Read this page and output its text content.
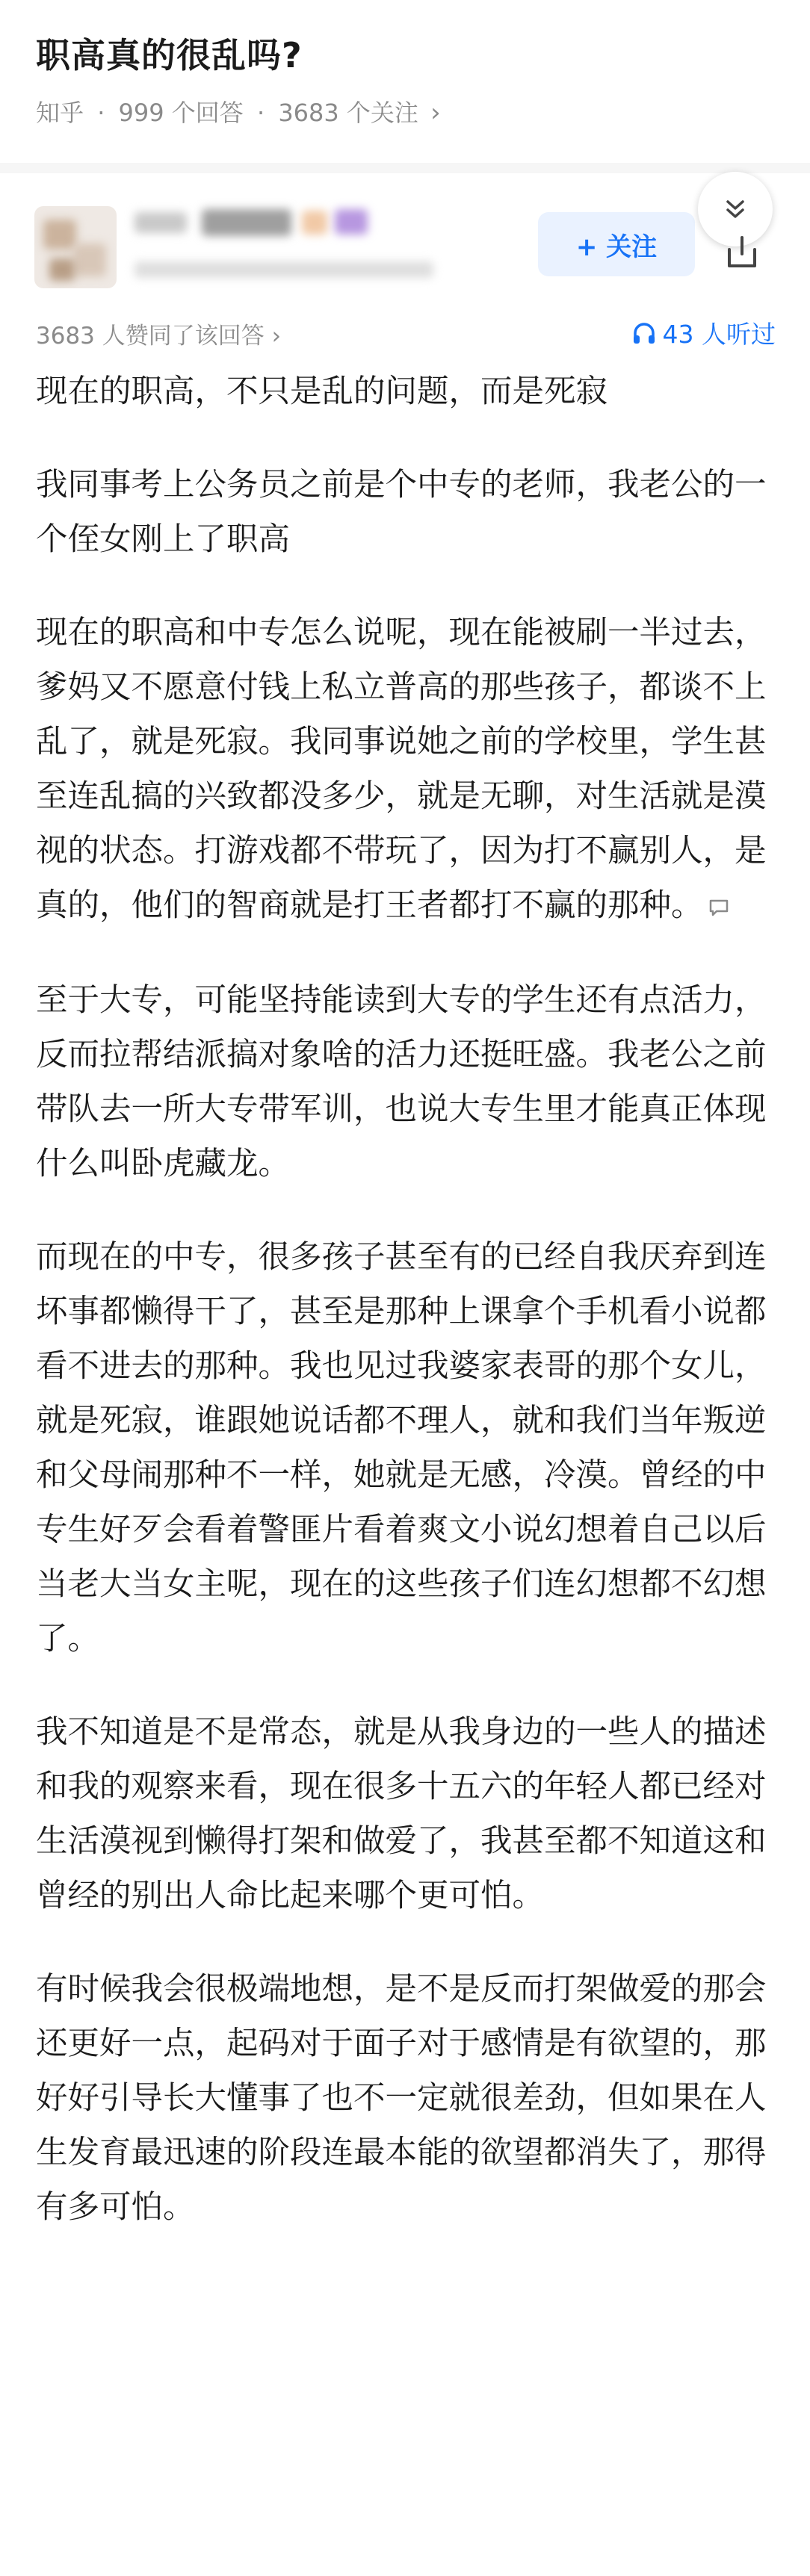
职高真的很乱吗?
知乎 · 999 个回答 · 3683 个关注 ›
+ 关注
3683 人赞同了该回答 ›	43 人听过

现在的职高，不只是乱的问题，而是死寂

我同事考上公务员之前是个中专的老师，我老公的一个侄女刚上了职高

现在的职高和中专怎么说呢，现在能被刷一半过去，爹妈又不愿意付钱上私立普高的那些孩子，都谈不上乱了，就是死寂。我同事说她之前的学校里，学生甚至连乱搞的兴致都没多少，就是无聊，对生活就是漠视的状态。打游戏都不带玩了，因为打不赢别人，是真的，他们的智商就是打王者都打不赢的那种。

至于大专，可能坚持能读到大专的学生还有点活力，反而拉帮结派搞对象啥的活力还挺旺盛。我老公之前带队去一所大专带军训，也说大专生里才能真正体现什么叫卧虎藏龙。

而现在的中专，很多孩子甚至有的已经自我厌弃到连坏事都懒得干了，甚至是那种上课拿个手机看小说都看不进去的那种。我也见过我婆家表哥的那个女儿，就是死寂，谁跟她说话都不理人，就和我们当年叛逆和父母闹那种不一样，她就是无感，冷漠。曾经的中专生好歹会看着警匪片看着爽文小说幻想着自己以后当老大当女主呢，现在的这些孩子们连幻想都不幻想了。

我不知道是不是常态，就是从我身边的一些人的描述和我的观察来看，现在很多十五六的年轻人都已经对生活漠视到懒得打架和做爱了，我甚至都不知道这和曾经的别出人命比起来哪个更可怕。

有时候我会很极端地想，是不是反而打架做爱的那会还更好一点，起码对于面子对于感情是有欲望的，那好好引导长大懂事了也不一定就很差劲，但如果在人生发育最迅速的阶段连最本能的欲望都消失了，那得有多可怕。
